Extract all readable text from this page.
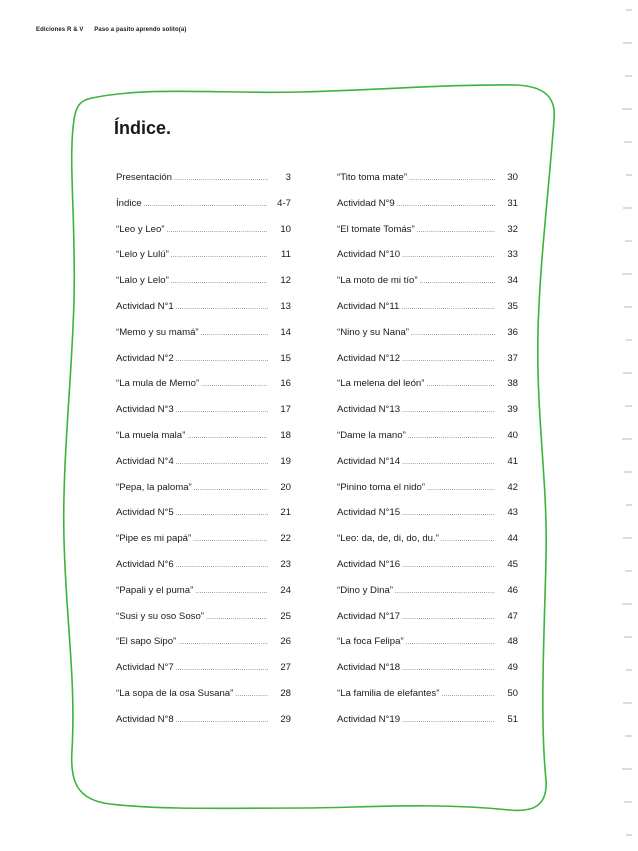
Ediciones R & V Paso a pasito aprendo solito(a)
Índice.
Presentación .....	3
Índice .....	4-7
“Leo y Leo” .....	10
“Lelo y Lulú” .....	11
“Lalo y Lelo” .....	12
Actividad N°1 .....	13
“Memo y su mamá” .....	14
Actividad N°2 .....	15
“La mula de Memo” .....	16
Actividad N°3 .....	17
“La muela mala” .....	18
Actividad N°4 .....	19
“Pepa, la paloma” .....	20
Actividad N°5 .....	21
“Pipe es mi papá” .....	22
Actividad N°6 .....	23
“Papali y el puma” .....	24
“Susi y su oso Soso” .....	25
“El sapo Sipo” .....	26
Actividad N°7 .....	27
“La sopa de la osa Susana” .....	28
Actividad N°8 .....	29
“Tito toma mate” .....	30
Actividad N°9 .....	31
“El tomate Tomás” .....	32
Actividad N°10 .....	33
“La moto de mi tío” .....	34
Actividad N°11 .....	35
“Nino y su Nana” .....	36
Actividad N°12 .....	37
“La melena del león” .....	38
Actividad N°13 .....	39
“Dame la mano” .....	40
Actividad N°14 .....	41
“Pinino toma el nido” .....	42
Actividad N°15 .....	43
“Leo: da, de, di, do, du.” .....	44
Actividad N°16 .....	45
“Dino y Dina” .....	46
Actividad N°17 .....	47
“La foca Felipa” .....	48
Actividad N°18 .....	49
“La familia de elefantes” .....	50
Actividad N°19 .....	51
